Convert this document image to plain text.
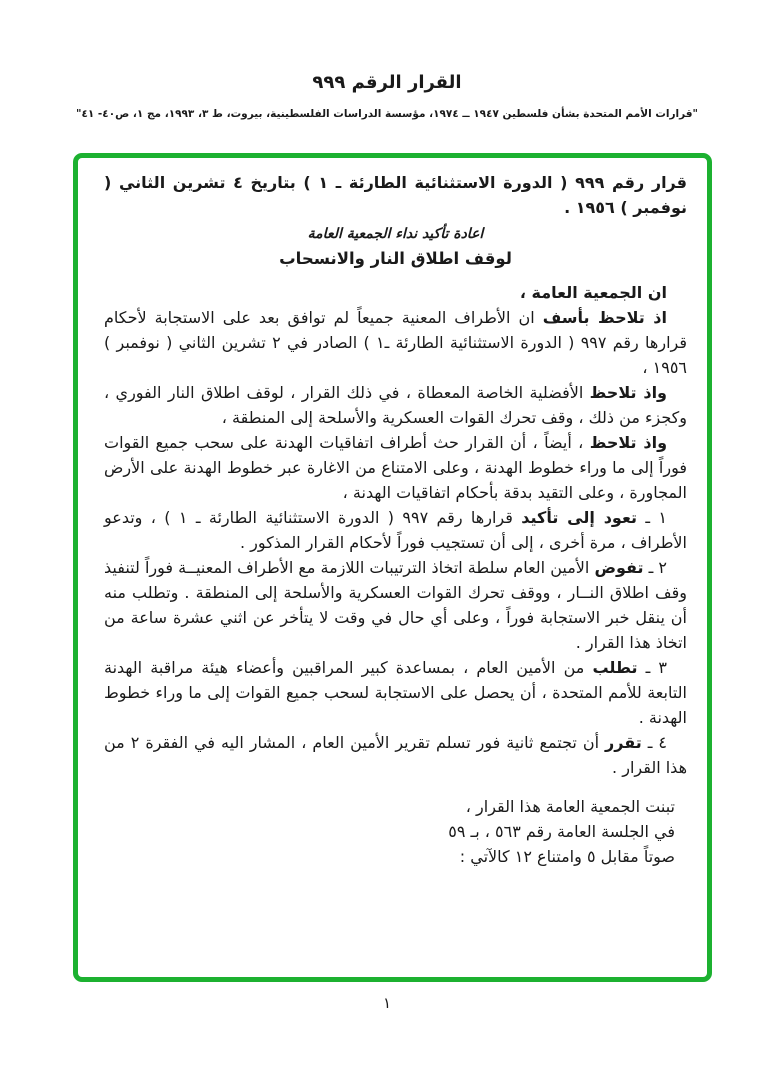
القرار الرقم ٩٩٩
"قرارات الأمم المتحدة بشأن فلسطين ١٩٤٧ ــ ١٩٧٤، مؤسسة الدراسات الفلسطينية، بيروت، ط ٣، ١٩٩٣، مج ١، ص٤٠- ٤١"

قرار رقم ٩٩٩ ( الدورة الاستثنائية الطارئة ـ ١ ) بتاريخ ٤ تشرين الثاني ( نوفمبر ) ١٩٥٦ .

اعادة تأكيد نداء الجمعية العامة
لوقف اطلاق النار والانسحاب

ان الجمعية العامة ،

اذ تلاحظ بأسف ان الأطراف المعنية جميعاً لم توافق بعد على الاستجابة لأحكام قرارها رقم ٩٩٧ ( الدورة الاستثنائية الطارئة ـ١ ) الصادر في ٢ تشرين الثاني ( نوفمبر ) ١٩٥٦ ،

واذ تلاحظ الأفضلية الخاصة المعطاة ، في ذلك القرار ، لوقف اطلاق النار الفوري ، وكجزء من ذلك ، وقف تحرك القوات العسكرية والأسلحة إلى المنطقة ،

واذ تلاحظ ، أيضاً ، أن القرار حث أطراف اتفاقيات الهدنة على سحب جميع القوات فوراً إلى ما وراء خطوط الهدنة ، وعلى الامتناع من الاغارة عبر خطوط الهدنة على الأرض المجاورة ، وعلى التقيد بدقة بأحكام اتفاقيات الهدنة ،

١ ـ تعود إلى تأكيد قرارها رقم ٩٩٧ ( الدورة الاستثنائية الطارئة ـ ١ ) ، وتدعو الأطراف ، مرة أخرى ، إلى أن تستجيب فوراً لأحكام القرار المذكور .

٢ ـ تفوض الأمين العام سلطة اتخاذ الترتيبات اللازمة مع الأطراف المعنيــة فوراً لتنفيذ وقف اطلاق النــار ، ووقف تحرك القوات العسكرية والأسلحة إلى المنطقة . وتطلب منه أن ينقل خبر الاستجابة فوراً ، وعلى أي حال في وقت لا يتأخر عن اثني عشرة ساعة من اتخاذ هذا القرار .

٣ ـ تطلب من الأمين العام ، بمساعدة كبير المراقبين وأعضاء هيئة مراقبة الهدنة التابعة للأمم المتحدة ، أن يحصل على الاستجابة لسحب جميع القوات إلى ما وراء خطوط الهدنة .

٤ ـ تقرر أن تجتمع ثانية فور تسلم تقرير الأمين العام ، المشار اليه في الفقرة ٢ من هذا القرار .

تبنت الجمعية العامة هذا القرار ،
في الجلسة العامة رقم ٥٦٣ ، بـ ٥٩
صوتاً مقابل ٥ وامتناع ١٢ كالآتي :
١
